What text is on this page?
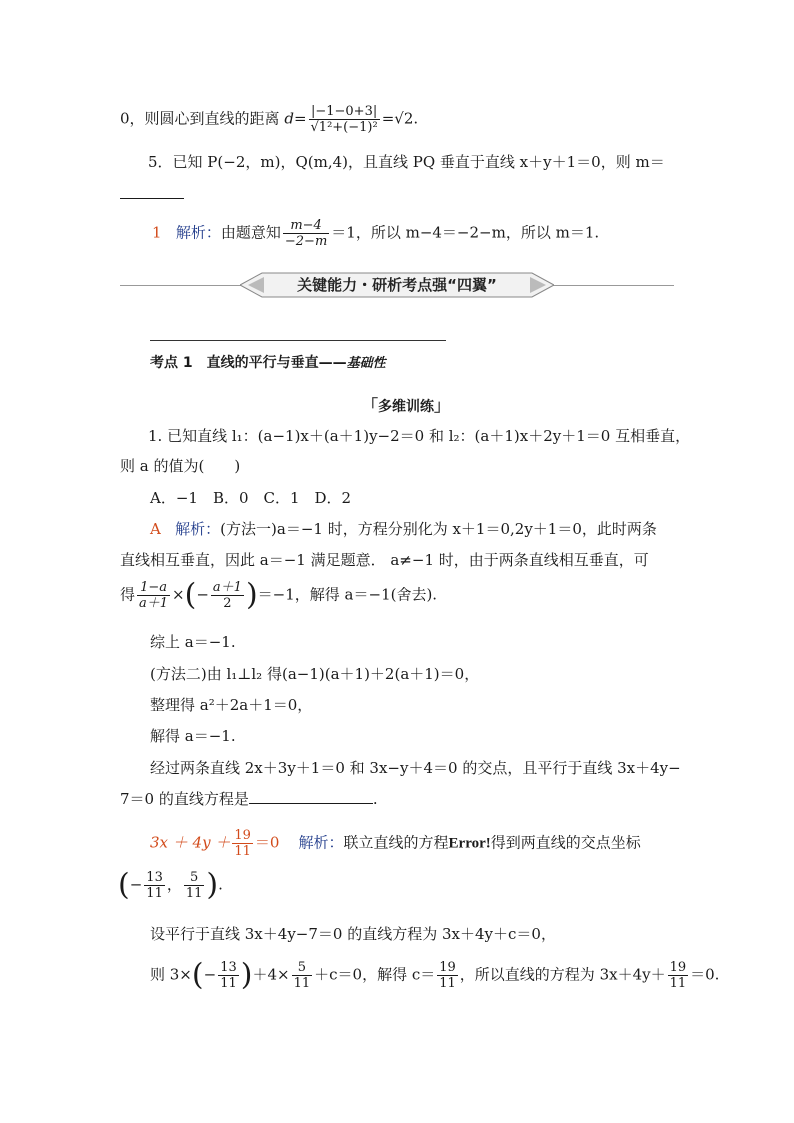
0，则圆心到直线的距离 $d= \frac{|-1-0+3|}{\text{√1²+(−1)²}} =√2$.
5．已知 P(−2，m)，Q(m,4)，且直线 PQ 垂直于直线 x＋y＋1＝0，则 m＝
1 解析：由题意知 $\frac{m-4}{-2-m} =1$，所以 m−4＝−2−m，所以 m＝1.
关键能力・研析考点强“四翼”
考点 1　直线的平行与垂直——基础性
「多维训练」
1. 已知直线 l₁：(a−1)x＋(a＋1)y−2＝0 和 l₂：(a＋1)x＋2y＋1＝0 互相垂直，
则 a 的值为(　　)
A．−1　B．0　C．1　D．2
A 解析：(方法一)a＝−1 时，方程分别化为 x＋1＝0,2y＋1＝0，此时两条
直线相互垂直，因此 a＝−1 满足题意． a≠−1 时，由于两条直线相互垂直，可
得 $\frac{1-a}{a+1}$ ×(− $\frac{a+1}{2} )=-1$，解得 a＝−1(舍去).
综上 a＝−1.
(方法二)由 l₁⊥l₂ 得(a−1)(a＋1)＋2(a＋1)＝0，
整理得 a²＋2a＋1＝0，
解得 a＝−1.
经过两条直线 2x＋3y＋1＝0 和 3x−y＋4＝0 的交点，且平行于直线 3x＋4y−
7＝0 的直线方程是	.
$3x + 4y + \frac{19}{11} =0$ 解析：联立直线的方程Error!得到两直线的交点坐标
(− $\frac{13}{11}$ ， $\frac{5}{11}$ ).
设平行于直线 3x＋4y−7＝0 的直线方程为 3x＋4y＋c＝0，
则 $3\times(- \frac{13}{11} )+4\times \frac{5}{11} +c=0$，解得 $c= \frac{19}{11}$ ，所以直线的方程为 $3x+4y+ \frac{19}{11} =0$.
